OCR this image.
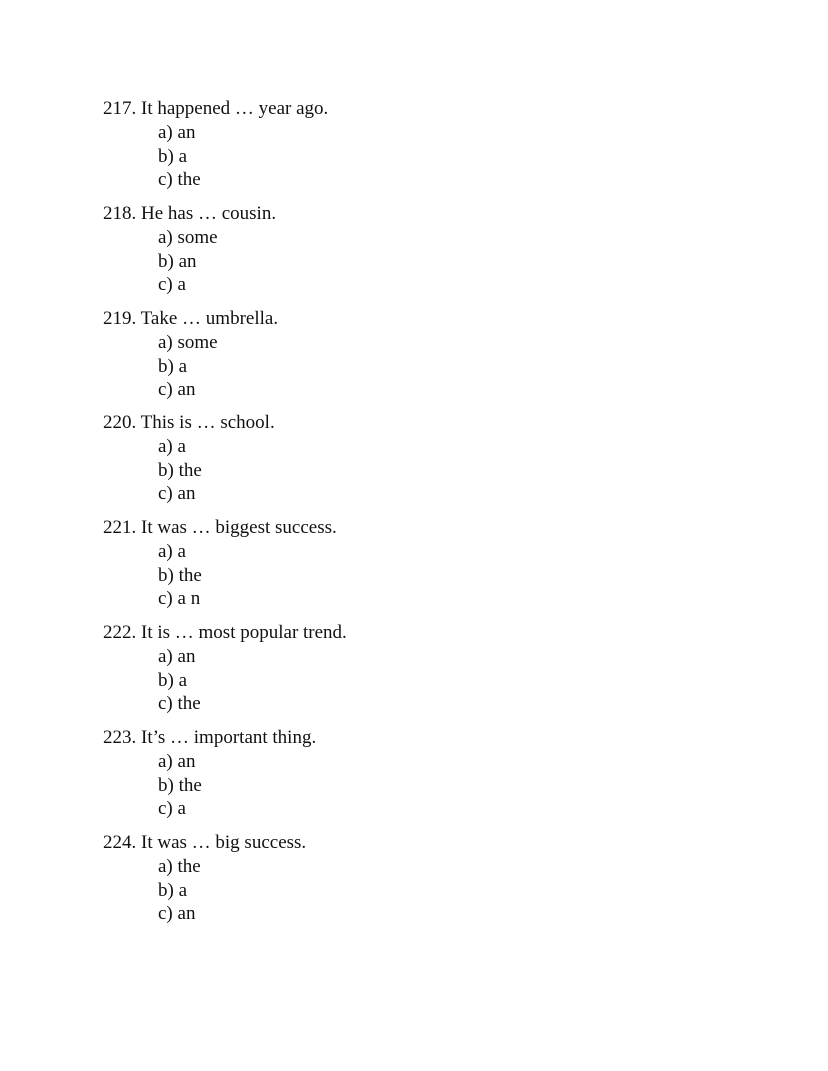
217. It happened … year ago.
a) an
b) a
c) the
218. He has … cousin.
a) some
b) an
c) a
219. Take … umbrella.
a) some
b) a
c) an
220. This is … school.
a) a
b) the
c) an
221. It was … biggest success.
a) a
b) the
c) a n
222. It is … most popular trend.
a) an
b) a
c) the
223. It’s … important thing.
a) an
b) the
c) a
224. It was … big success.
a) the
b) a
c) an
